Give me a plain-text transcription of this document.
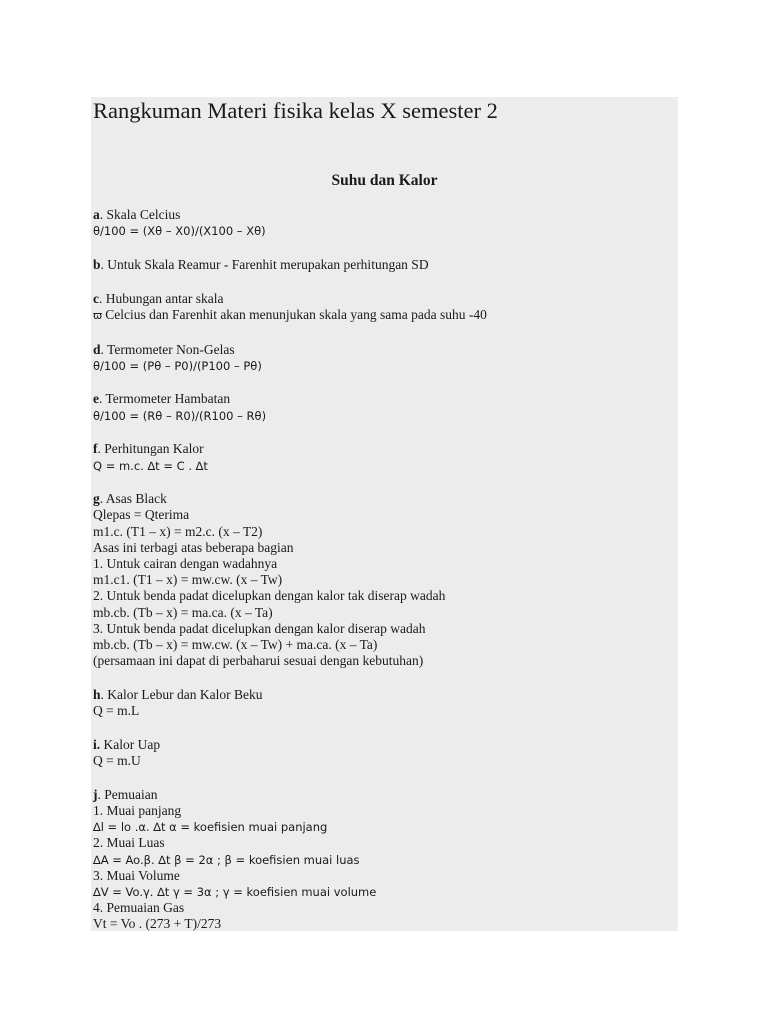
Rangkuman Materi fisika kelas X semester 2
Suhu dan Kalor
a. Skala Celcius
θ/100 = (Xθ – X0)/(X100 – Xθ)
b. Untuk Skala Reamur - Farenhit merupakan perhitungan SD
c. Hubungan antar skala
ϖ Celcius dan Farenhit akan menunjukan skala yang sama pada suhu -40
d. Termometer Non-Gelas
θ/100 = (Pθ – P0)/(P100 – Pθ)
e. Termometer Hambatan
θ/100 = (Rθ – R0)/(R100 – Rθ)
f. Perhitungan Kalor
Q = m.c. ∆t = C . ∆t
g. Asas Black
Qlepas = Qterima
m1.c. (T1 – x) = m2.c. (x – T2)
Asas ini terbagi atas beberapa bagian
1. Untuk cairan dengan wadahnya
m1.c1. (T1 – x) = mw.cw. (x – Tw)
2. Untuk benda padat dicelupkan dengan kalor tak diserap wadah
mb.cb. (Tb – x) = ma.ca. (x – Ta)
3. Untuk benda padat dicelupkan dengan kalor diserap wadah
mb.cb. (Tb – x) = mw.cw. (x – Tw) + ma.ca. (x – Ta)
(persamaan ini dapat di perbaharui sesuai dengan kebutuhan)
h. Kalor Lebur dan Kalor Beku
Q = m.L
i. Kalor Uap
Q = m.U
j. Pemuaian
1. Muai panjang
∆l = lo .α. ∆t α = koefisien muai panjang
2. Muai Luas
∆A = Ao.β. ∆t β = 2α ; β = koefisien muai luas
3. Muai Volume
∆V = Vo.γ. ∆t γ = 3α ; γ = koefisien muai volume
4. Pemuaian Gas
Vt = Vo . (273 + T)/273
